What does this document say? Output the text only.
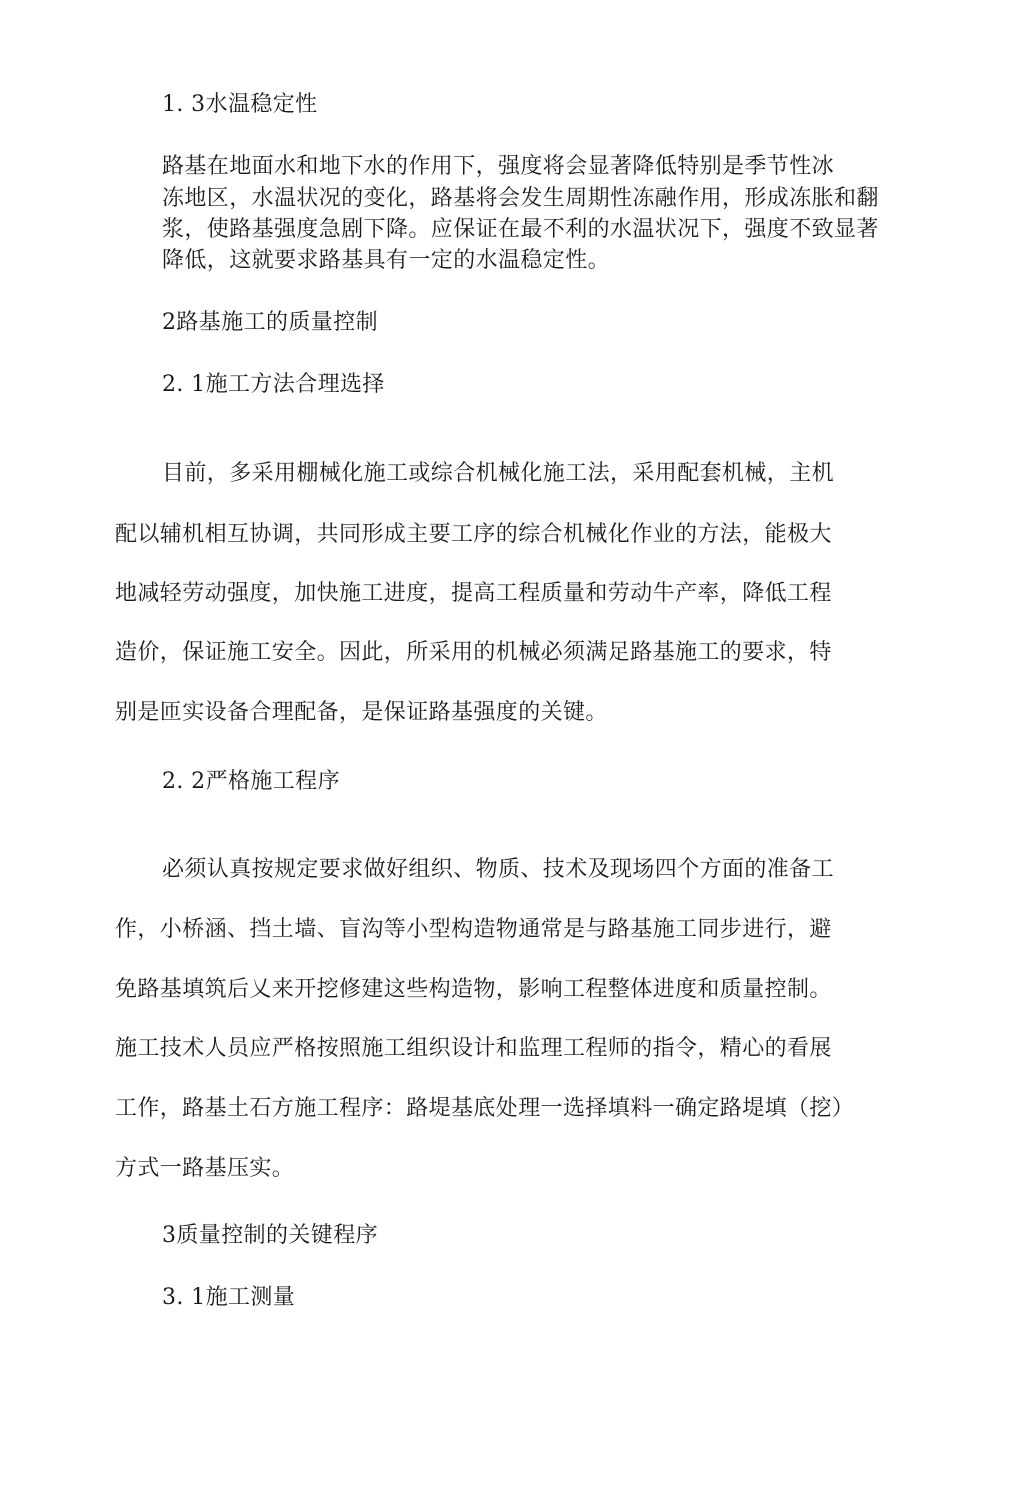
1. 3水温稳定性
路基在地面水和地下水的作用下，强度将会显著降低特别是季节性冰
冻地区，水温状况的变化，路基将会发生周期性冻融作用，形成冻胀和翻
浆，使路基强度急剧下降。应保证在最不利的水温状况下，强度不致显著
降低，这就要求路基具有一定的水温稳定性。
2路基施工的质量控制
2. 1施工方法合理选择
目前，多采用棚械化施工或综合机械化施工法，采用配套机械，主机
配以辅机相互协调，共同形成主要工序的综合机械化作业的方法，能极大
地减轻劳动强度，加快施工进度，提高工程质量和劳动牛产率，降低工程
造价，保证施工安全。因此，所采用的机械必须满足路基施工的要求，特
别是匝实设备合理配备，是保证路基强度的关键。
2. 2严格施工程序
必须认真按规定要求做好组织、物质、技术及现场四个方面的准备工
作，小桥涵、挡土墙、盲沟等小型构造物通常是与路基施工同步进行，避
免路基填筑后乂来开挖修建这些构造物，影响工程整体进度和质量控制。
施工技术人员应严格按照施工组织设计和监理工程师的指令，精心的看展
工作，路基土石方施工程序：路堤基底处理一选择填料一确定路堤填（挖）
方式一路基压实。
3质量控制的关键程序
3. 1施工测量
